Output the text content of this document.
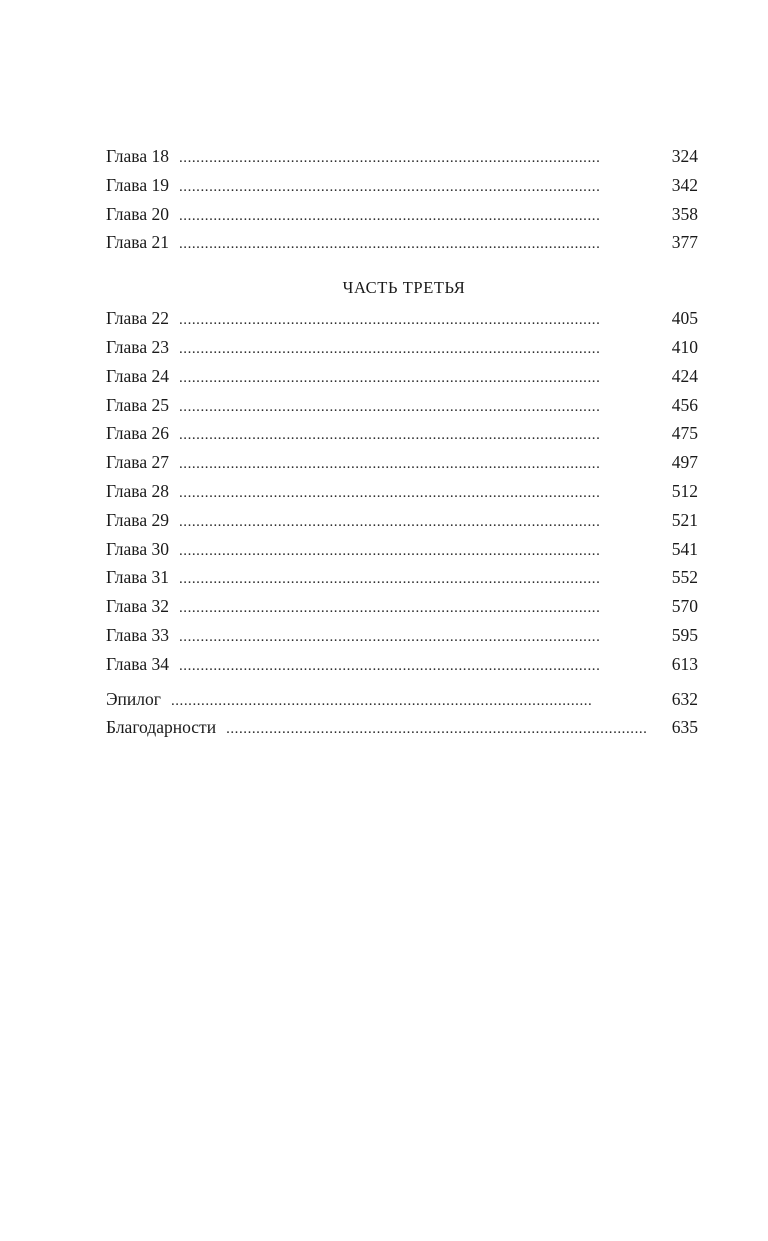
Глава 18 . . .	324
Глава 19 . . .	342
Глава 20 . . .	358
Глава 21 . . .	377
ЧАСТЬ ТРЕТЬЯ
Глава 22 . . .	405
Глава 23 . . .	410
Глава 24 . . .	424
Глава 25 . . .	456
Глава 26 . . .	475
Глава 27 . . .	497
Глава 28 . . .	512
Глава 29 . . .	521
Глава 30 . . .	541
Глава 31 . . .	552
Глава 32 . . .	570
Глава 33 . . .	595
Глава 34 . . .	613
Эпилог . . .	632
Благодарности . . .	635
